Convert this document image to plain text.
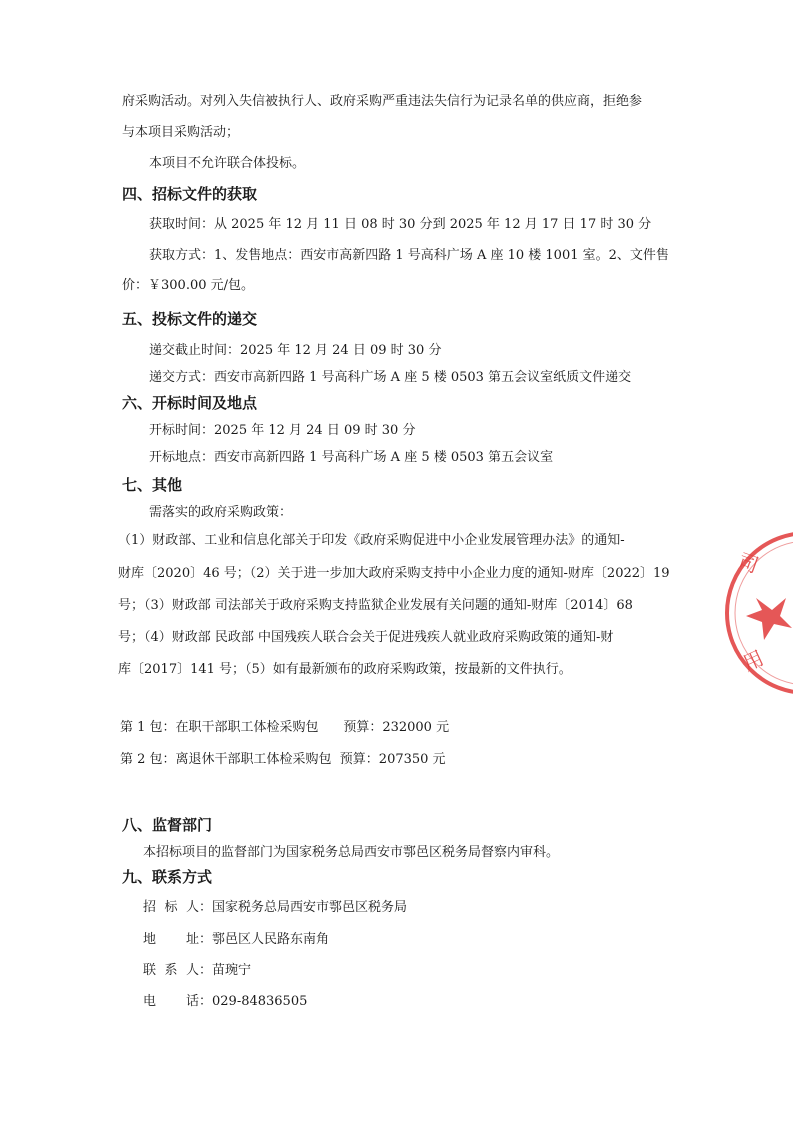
府采购活动。对列入失信被执行人、政府采购严重违法失信行为记录名单的供应商，拒绝参
与本项目采购活动；
本项目不允许联合体投标。
四、招标文件的获取
获取时间：从 2025 年 12 月 11 日 08 时 30 分到 2025 年 12 月 17 日 17 时 30 分
获取方式：1、发售地点：西安市高新四路 1 号高科广场 A 座 10 楼 1001 室。2、文件售
价：￥300.00 元/包。
五、投标文件的递交
递交截止时间：2025 年 12 月 24 日 09 时 30 分
递交方式：西安市高新四路 1 号高科广场 A 座 5 楼 0503 第五会议室纸质文件递交
六、开标时间及地点
开标时间：2025 年 12 月 24 日 09 时 30 分
开标地点：西安市高新四路 1 号高科广场 A 座 5 楼 0503 第五会议室
七、其他
需落实的政府采购政策：
（1）财政部、工业和信息化部关于印发《政府采购促进中小企业发展管理办法》的通知-
财库〔2020〕46 号；（2）关于进一步加大政府采购支持中小企业力度的通知-财库〔2022〕19
号；（3）财政部 司法部关于政府采购支持监狱企业发展有关问题的通知-财库〔2014〕68
号；（4）财政部 民政部 中国残疾人联合会关于促进残疾人就业政府采购政策的通知-财
库〔2017〕141 号；（5）如有最新颁布的政府采购政策，按最新的文件执行。
第 1 包：在职干部职工体检采购包      预算：232000 元
第 2 包：离退休干部职工体检采购包  预算：207350 元
八、监督部门
本招标项目的监督部门为国家税务总局西安市鄠邑区税务局督察内审科。
九、联系方式
招标人：国家税务总局西安市鄠邑区税务局
地址：鄠邑区人民路东南角
联系人：苗琬宁
电话：029-84836505
司
用
